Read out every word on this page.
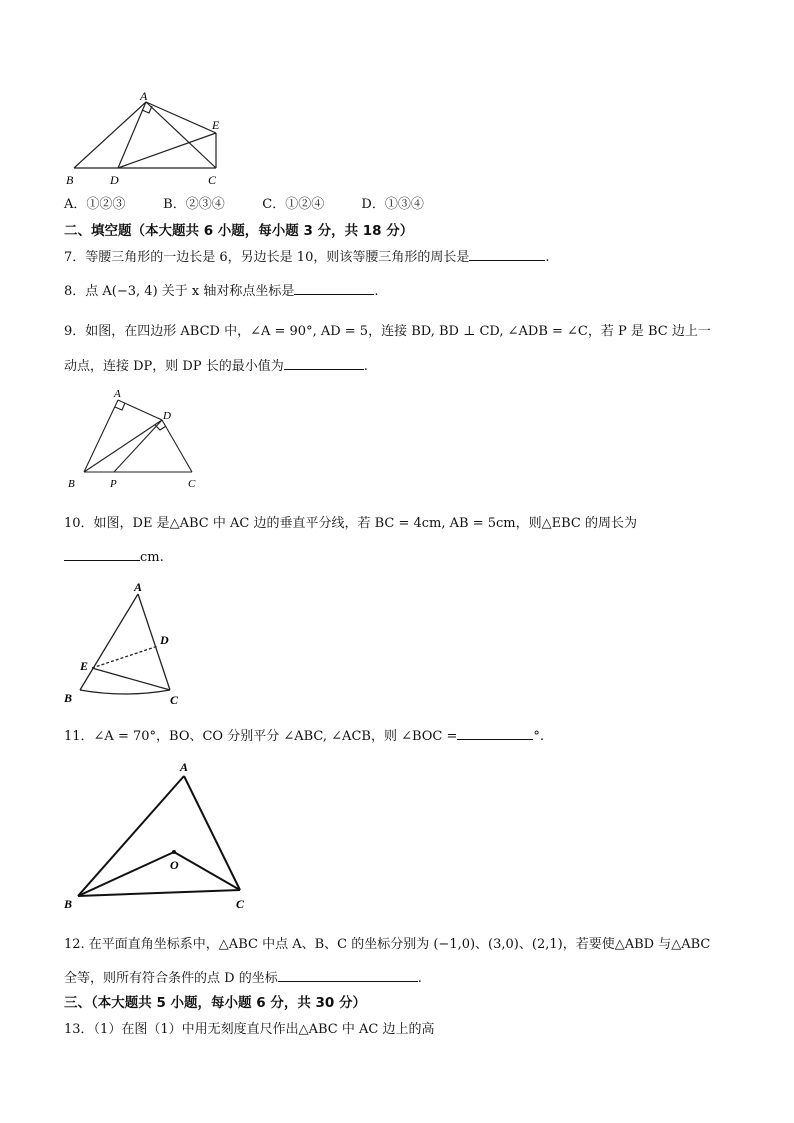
A
E
B	D	C
A．①②③	B．②③④	C．①②④	D．①③④
二、填空题（本大题共 6 小题，每小题 3 分，共 18 分）
7．等腰三角形的一边长是 6，另边长是 10，则该等腰三角形的周长是	.
8．点 A(−3, 4) 关于 x 轴对称点坐标是	.
9．如图，在四边形 ABCD 中，∠A = 90°, AD = 5，连接 BD, BD ⊥ CD, ∠ADB = ∠C，若 P 是 BC 边上一
动点，连接 DP，则 DP 长的最小值为	.
A
D
B	P	C
10．如图，DE 是△ABC 中 AC 边的垂直平分线，若 BC = 4cm, AB = 5cm，则△EBC 的周长为
cm.
A
D
E
B	C
11．∠A = 70°，BO、CO 分别平分 ∠ABC, ∠ACB，则 ∠BOC =	°.
A
O
B	C
12. 在平面直角坐标系中，△ABC 中点 A、B、C 的坐标分别为 (−1,0)、(3,0)、(2,1)，若要使△ABD 与△ABC
全等，则所有符合条件的点 D 的坐标	.
三、（本大题共 5 小题，每小题 6 分，共 30 分）
13．（1）在图（1）中用无刻度直尺作出△ABC 中 AC 边上的高
